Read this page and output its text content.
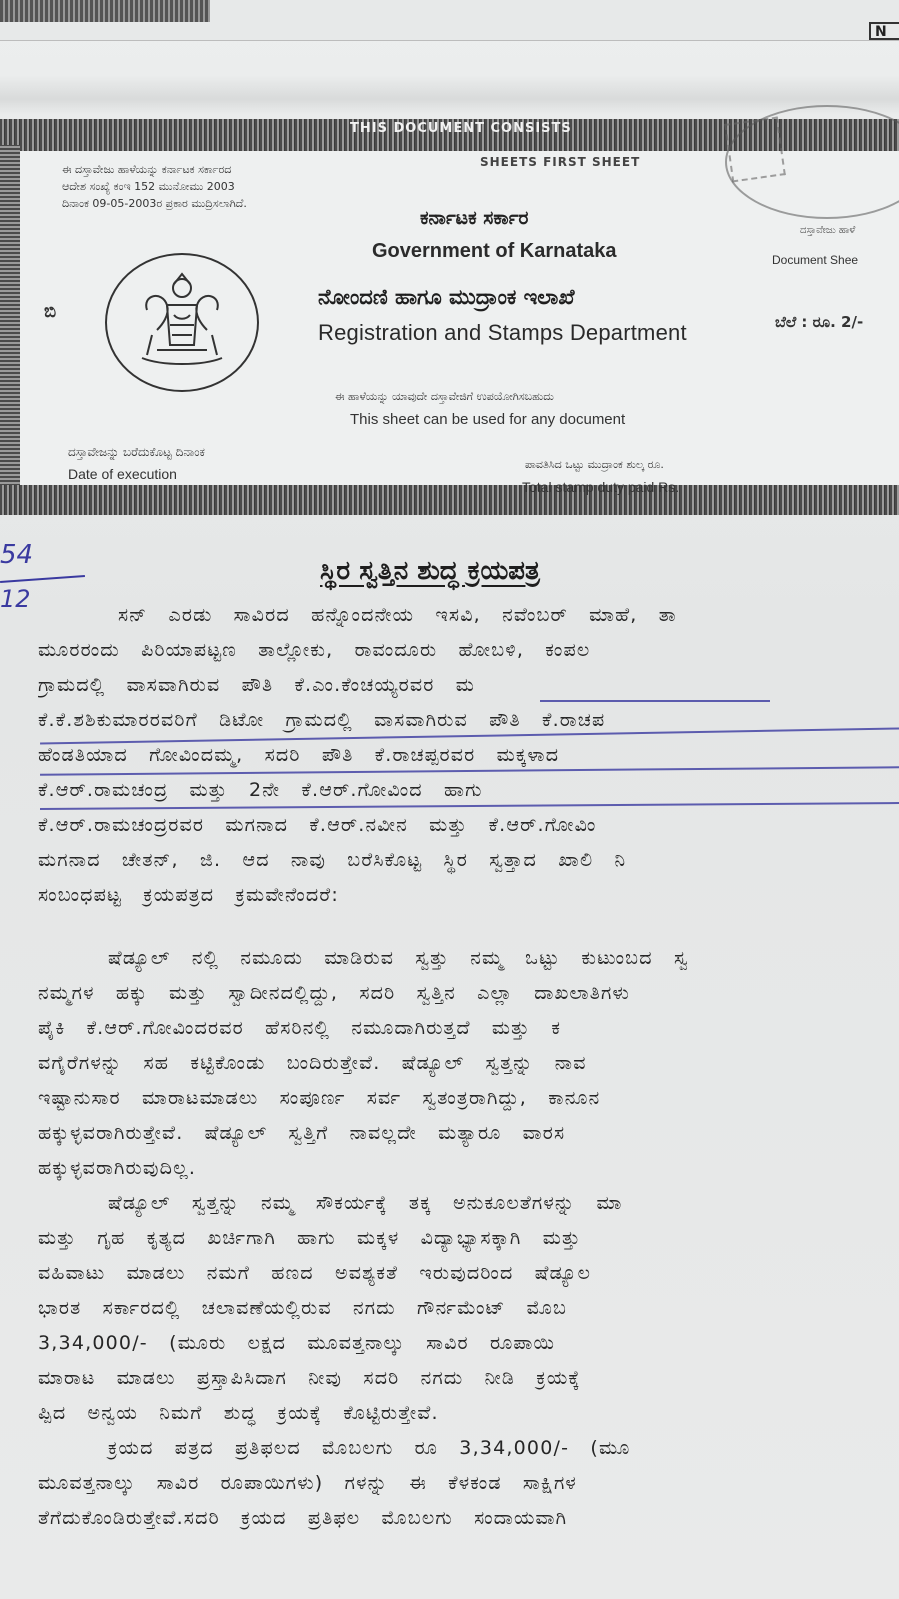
N
THIS DOCUMENT CONSISTS
SHEETS FIRST SHEET
ಈ ದಸ್ತಾವೇಜು ಹಾಳೆಯನ್ನು ಕರ್ನಾಟಕ ಸರ್ಕಾರದ
ಆದೇಶ ಸಂಖ್ಯೆ ಕಂಇ 152 ಮುನೋಮು 2003
ದಿನಾಂಕ 09-05-2003ರ ಪ್ರಕಾರ ಮುದ್ರಿಸಲಾಗಿದೆ.
ಕರ್ನಾಟಕ ಸರ್ಕಾರ
Government of Karnataka
ದಸ್ತಾವೇಜು ಹಾಳೆ
Document Shee
ಬಿ
ನೋಂದಣಿ ಹಾಗೂ ಮುದ್ರಾಂಕ ಇಲಾಖೆ
Registration and Stamps Department	ಬೆಲೆ : ರೂ. 2/-
ಈ ಹಾಳೆಯನ್ನು ಯಾವುದೇ ದಸ್ತಾವೇಜಿಗೆ ಉಪಯೋಗಿಸಬಹುದು
This sheet can be used for any document
ದಸ್ತಾವೇಜನ್ನು ಬರೆದುಕೊಟ್ಟ ದಿನಾಂಕ
Date of execution
ಪಾವತಿಸಿದ ಒಟ್ಟು ಮುದ್ರಾಂಕ ಶುಲ್ಕ ರೂ.
Total stamp duty paid Rs.
54
12
ಸ್ಥಿರ ಸ್ವತ್ತಿನ ಶುದ್ಧ ಕ್ರಯಪತ್ರ
ಸನ್ ಎರಡು ಸಾವಿರದ ಹನ್ನೊಂದನೇಯ ಇಸವಿ, ನವೆಂಬರ್ ಮಾಹೆ, ತಾ
ಮೂರರಂದು ಪಿರಿಯಾಪಟ್ಟಣ ತಾಲ್ಲೋಕು, ರಾವಂದೂರು ಹೋಬಳಿ, ಕಂಪಲ
ಗ್ರಾಮದಲ್ಲಿ ವಾಸವಾಗಿರುವ ಪೌತಿ ಕೆ.ಎಂ.ಕೆಂಚಯ್ಯರವರ ಮ
ಕೆ.ಕೆ.ಶಶಿಕುಮಾರರವರಿಗೆ ಡಿಟೋ ಗ್ರಾಮದಲ್ಲಿ ವಾಸವಾಗಿರುವ ಪೌತಿ ಕೆ.ರಾಚಪ
ಹೆಂಡತಿಯಾದ ಗೋವಿಂದಮ್ಮ, ಸದರಿ ಪೌತಿ ಕೆ.ರಾಚಪ್ಪರವರ ಮಕ್ಕಳಾದ
ಕೆ.ಆರ್.ರಾಮಚಂದ್ರ ಮತ್ತು 2ನೇ ಕೆ.ಆರ್.ಗೋವಿಂದ ಹಾಗು
ಕೆ.ಆರ್.ರಾಮಚಂದ್ರರವರ ಮಗನಾದ ಕೆ.ಆರ್.ನವೀನ ಮತ್ತು ಕೆ.ಆರ್.ಗೋವಿಂ
ಮಗನಾದ ಚೇತನ್, ಜಿ. ಆದ ನಾವು ಬರೆಸಿಕೊಟ್ಟ ಸ್ಥಿರ ಸ್ವತ್ತಾದ ಖಾಲಿ ನಿ
ಸಂಬಂಧಪಟ್ಟ ಕ್ರಯಪತ್ರದ ಕ್ರಮವೇನೆಂದರೆ:
ಷೆಡ್ಯೂಲ್ ನಲ್ಲಿ ನಮೂದು ಮಾಡಿರುವ ಸ್ವತ್ತು ನಮ್ಮ ಒಟ್ಟು ಕುಟುಂಬದ ಸ್ವ
ನಮ್ಮಗಳ ಹಕ್ಕು ಮತ್ತು ಸ್ವಾದೀನದಲ್ಲಿದ್ದು, ಸದರಿ ಸ್ವತ್ತಿನ ಎಲ್ಲಾ ದಾಖಲಾತಿಗಳು
ಪೈಕಿ ಕೆ.ಆರ್.ಗೋವಿಂದರವರ ಹೆಸರಿನಲ್ಲಿ ನಮೂದಾಗಿರುತ್ತದೆ ಮತ್ತು ಕ
ವಗೈರೆಗಳನ್ನು ಸಹ ಕಟ್ಟಿಕೊಂಡು ಬಂದಿರುತ್ತೇವೆ. ಷೆಡ್ಯೂಲ್ ಸ್ವತ್ತನ್ನು ನಾವ
ಇಷ್ಟಾನುಸಾರ ಮಾರಾಟಮಾಡಲು ಸಂಪೂರ್ಣ ಸರ್ವ ಸ್ವತಂತ್ರರಾಗಿದ್ದು, ಕಾನೂನ
ಹಕ್ಕುಳ್ಳವರಾಗಿರುತ್ತೇವೆ. ಷೆಡ್ಯೂಲ್ ಸ್ವತ್ತಿಗೆ ನಾವಲ್ಲದೇ ಮತ್ಯಾರೂ ವಾರಸ
ಹಕ್ಕುಳ್ಳವರಾಗಿರುವುದಿಲ್ಲ.
ಷೆಡ್ಯೂಲ್ ಸ್ವತ್ತನ್ನು ನಮ್ಮ ಸೌಕರ್ಯಕ್ಕೆ ತಕ್ಕ ಅನುಕೂಲತೆಗಳನ್ನು ಮಾ
ಮತ್ತು ಗೃಹ ಕೃತ್ಯದ ಖರ್ಚಿಗಾಗಿ ಹಾಗು ಮಕ್ಕಳ ವಿದ್ಯಾಭ್ಯಾಸಕ್ಕಾಗಿ ಮತ್ತು
ವಹಿವಾಟು ಮಾಡಲು ನಮಗೆ ಹಣದ ಅವಶ್ಯಕತೆ ಇರುವುದರಿಂದ ಷೆಡ್ಯೂಲ
ಭಾರತ ಸರ್ಕಾರದಲ್ಲಿ ಚಲಾವಣೆಯಲ್ಲಿರುವ ನಗದು ಗೌರ್ನಮೆಂಟ್ ಮೊಬ
3,34,000/- (ಮೂರು ಲಕ್ಷದ ಮೂವತ್ತನಾಲ್ಕು ಸಾವಿರ ರೂಪಾಯಿ
ಮಾರಾಟ ಮಾಡಲು ಪ್ರಸ್ತಾಪಿಸಿದಾಗ ನೀವು ಸದರಿ ನಗದು ನೀಡಿ ಕ್ರಯಕ್ಕೆ
ಪ್ಪಿದ ಅನ್ವಯ ನಿಮಗೆ ಶುದ್ಧ ಕ್ರಯಕ್ಕೆ ಕೊಟ್ಟಿರುತ್ತೇವೆ.
ಕ್ರಯದ ಪತ್ರದ ಪ್ರತಿಫಲದ ಮೊಬಲಗು ರೂ 3,34,000/- (ಮೂ
ಮೂವತ್ತನಾಲ್ಕು ಸಾವಿರ ರೂಪಾಯಿಗಳು) ಗಳನ್ನು ಈ ಕೆಳಕಂಡ ಸಾಕ್ಷಿಗಳ
ತೆಗೆದುಕೊಂಡಿರುತ್ತೇವೆ.ಸದರಿ ಕ್ರಯದ ಪ್ರತಿಫಲ ಮೊಬಲಗು ಸಂದಾಯವಾಗಿ
